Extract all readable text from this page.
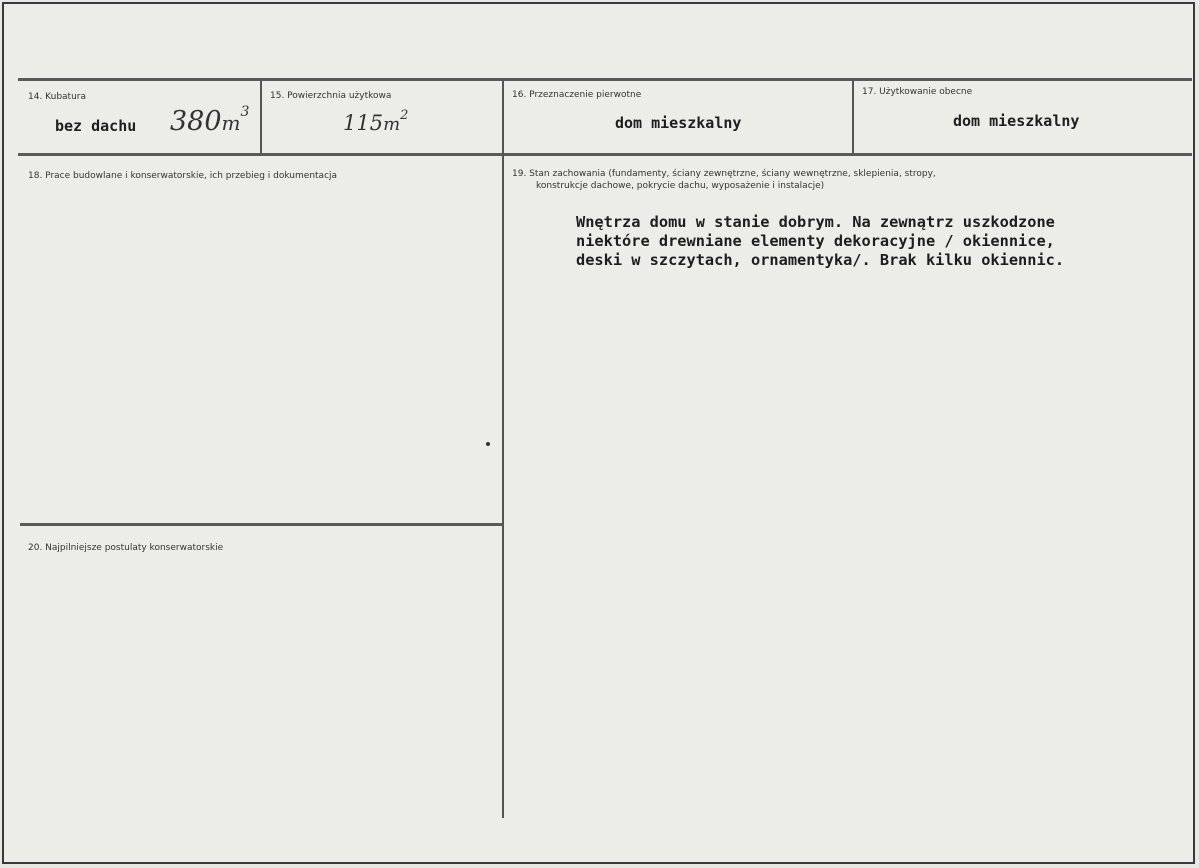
14. Kubatura
bez dachu $380m^3$
15. Powierzchnia użytkowa
$115m^2$
16. Przeznaczenie pierwotne
dom mieszkalny
17. Użytkowanie obecne
dom mieszkalny
18. Prace budowlane i konserwatorskie, ich przebieg i dokumentacja	19. Stan zachowania (fundamenty, ściany zewnętrzne, ściany wewnętrzne, sklepienia, stropy,
konstrukcje dachowe, pokrycie dachu, wyposażenie i instalacje)
Wnętrza domu w stanie dobrym. Na zewnątrz uszkodzone
niektóre drewniane elementy dekoracyjne / okiennice,
deski w szczytach, ornamentyka/. Brak kilku okiennic.
20. Najpilniejsze postulaty konserwatorskie
